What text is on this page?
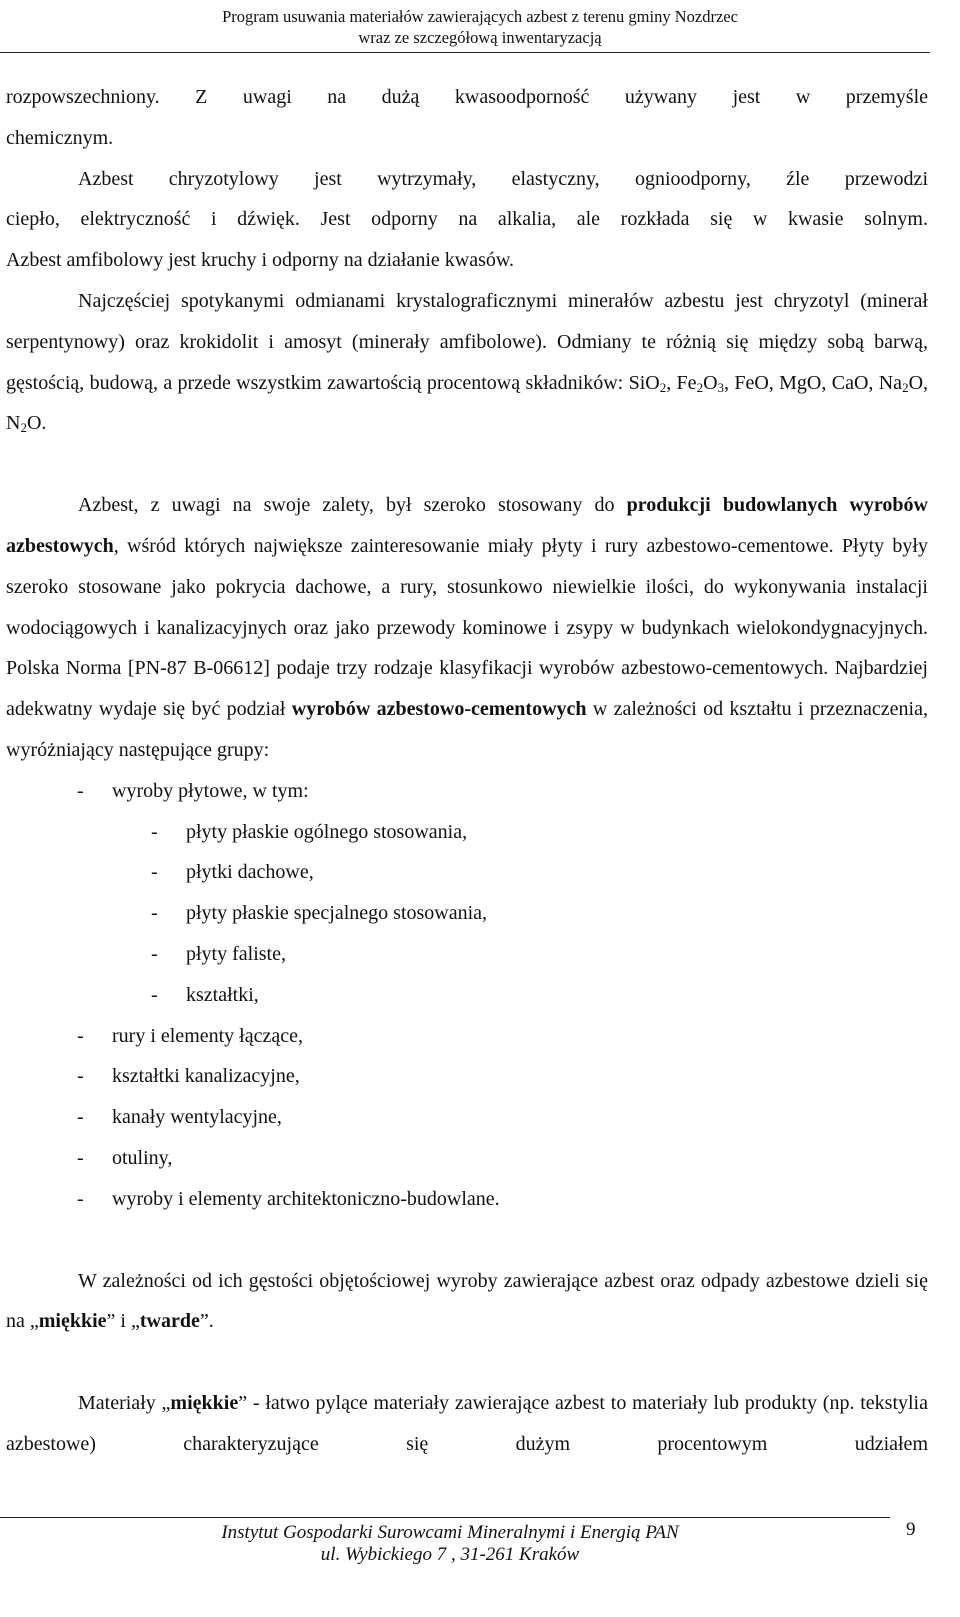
Program usuwania materiałów zawierających azbest z terenu gminy Nozdrzec
wraz ze szczegółową inwentaryzacją

rozpowszechniony. Z uwagi na dużą kwasoodporność używany jest w przemyśle

chemicznym.

Azbest chryzotylowy jest wytrzymały, elastyczny, ognioodporny, źle przewodzi

ciepło, elektryczność i dźwięk. Jest odporny na alkalia, ale rozkłada się w kwasie solnym.

Azbest amfibolowy jest kruchy i odporny na działanie kwasów.

Najczęściej spotykanymi odmianami krystalograficznymi minerałów azbestu jest chryzotyl (minerał serpentynowy) oraz krokidolit i amosyt (minerały amfibolowe). Odmiany te różnią się między sobą barwą, gęstością, budową, a przede wszystkim zawartością procentową składników: SiO$_2$, $Fe_2O_3$, FeO, MgO, CaO, $Na_2O$, $N_2O$.

Azbest, z uwagi na swoje zalety, był szeroko stosowany do produkcji budowlanych wyrobów azbestowych, wśród których największe zainteresowanie miały płyty i rury azbestowo-cementowe. Płyty były szeroko stosowane jako pokrycia dachowe, a rury, stosunkowo niewielkie ilości, do wykonywania instalacji wodociągowych i kanalizacyjnych oraz jako przewody kominowe i zsypy w budynkach wielokondygnacyjnych. Polska Norma [PN-87 B-06612] podaje trzy rodzaje klasyfikacji wyrobów azbestowo-cementowych. Najbardziej adekwatny wydaje się być podział wyrobów azbestowo-cementowych w zależności od kształtu i przeznaczenia, wyróżniający następujące grupy:

- wyroby płytowe, w tym:
- płyty płaskie ogólnego stosowania,
- płytki dachowe,
- płyty płaskie specjalnego stosowania,
- płyty faliste,
- kształtki,
- rury i elementy łączące,
- kształtki kanalizacyjne,
- kanały wentylacyjne,
- otuliny,
- wyroby i elementy architektoniczno-budowlane.

W zależności od ich gęstości objętościowej wyroby zawierające azbest oraz odpady azbestowe dzieli się na „miękkie” i „twarde”.

Materiały „miękkie” - łatwo pylące materiały zawierające azbest to materiały lub produkty (np. tekstylia azbestowe) charakteryzujące się dużym procentowym udziałem

Instytut Gospodarki Surowcami Mineralnymi i Energią PAN
ul. Wybickiego 7 , 31-261 Kraków
9
